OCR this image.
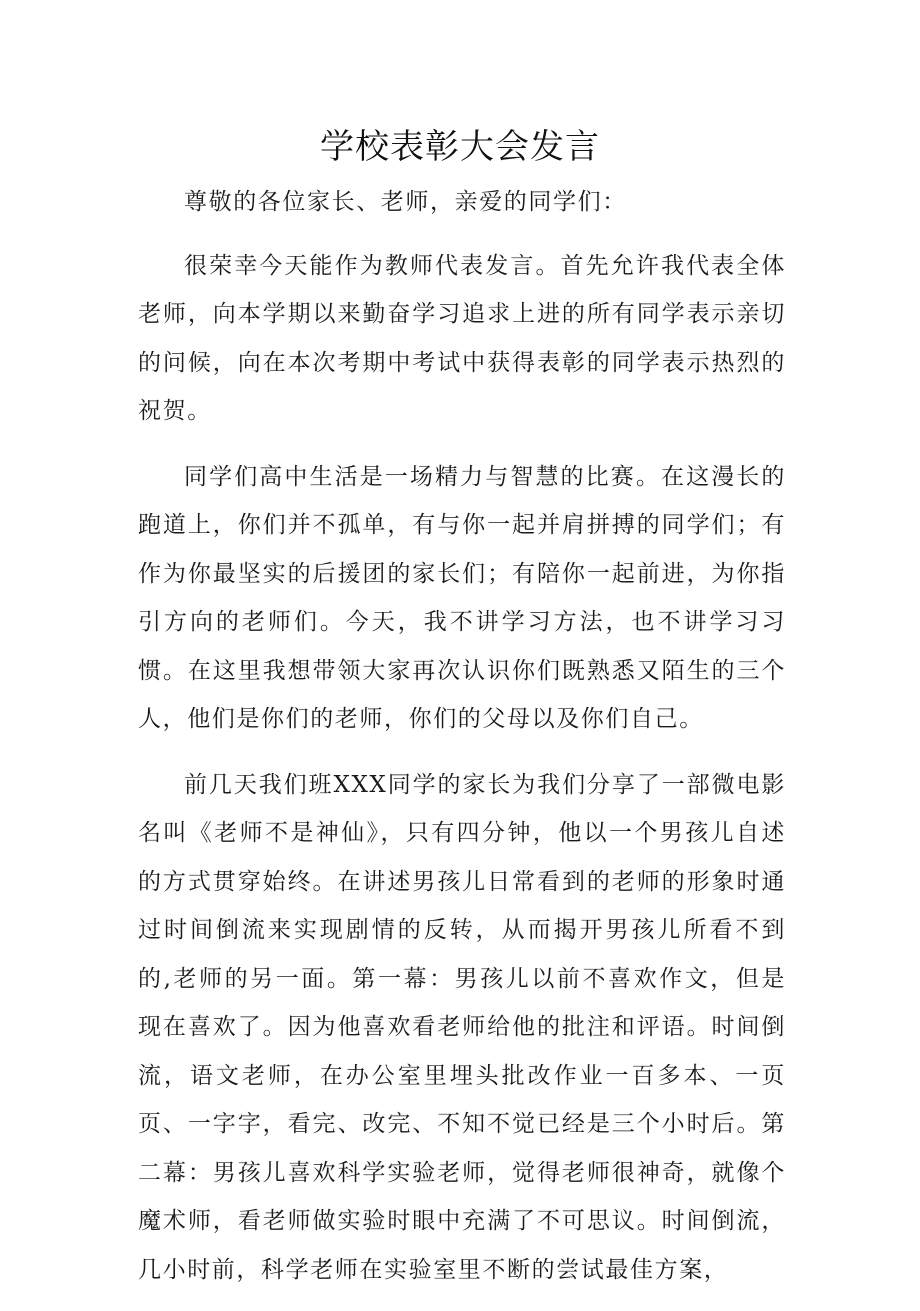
学校表彰大会发言

尊敬的各位家长、老师，亲爱的同学们：

很荣幸今天能作为教师代表发言。首先允许我代表全体老师，向本学期以来勤奋学习追求上进的所有同学表示亲切的问候，向在本次考期中考试中获得表彰的同学表示热烈的祝贺。

同学们高中生活是一场精力与智慧的比赛。在这漫长的跑道上，你们并不孤单，有与你一起并肩拼搏的同学们；有作为你最坚实的后援团的家长们；有陪你一起前进，为你指引方向的老师们。今天，我不讲学习方法，也不讲学习习惯。在这里我想带领大家再次认识你们既熟悉又陌生的三个人，他们是你们的老师，你们的父母以及你们自己。

前几天我们班XXX同学的家长为我们分享了一部微电影名叫《老师不是神仙》，只有四分钟，他以一个男孩儿自述的方式贯穿始终。在讲述男孩儿日常看到的老师的形象时通过时间倒流来实现剧情的反转，从而揭开男孩儿所看不到的,老师的另一面。第一幕：男孩儿以前不喜欢作文，但是现在喜欢了。因为他喜欢看老师给他的批注和评语。时间倒流，语文老师，在办公室里埋头批改作业一百多本、一页页、一字字，看完、改完、不知不觉已经是三个小时后。第二幕：男孩儿喜欢科学实验老师，觉得老师很神奇，就像个魔术师，看老师做实验时眼中充满了不可思议。时间倒流，几小时前，科学老师在实验室里不断的尝试最佳方案，
